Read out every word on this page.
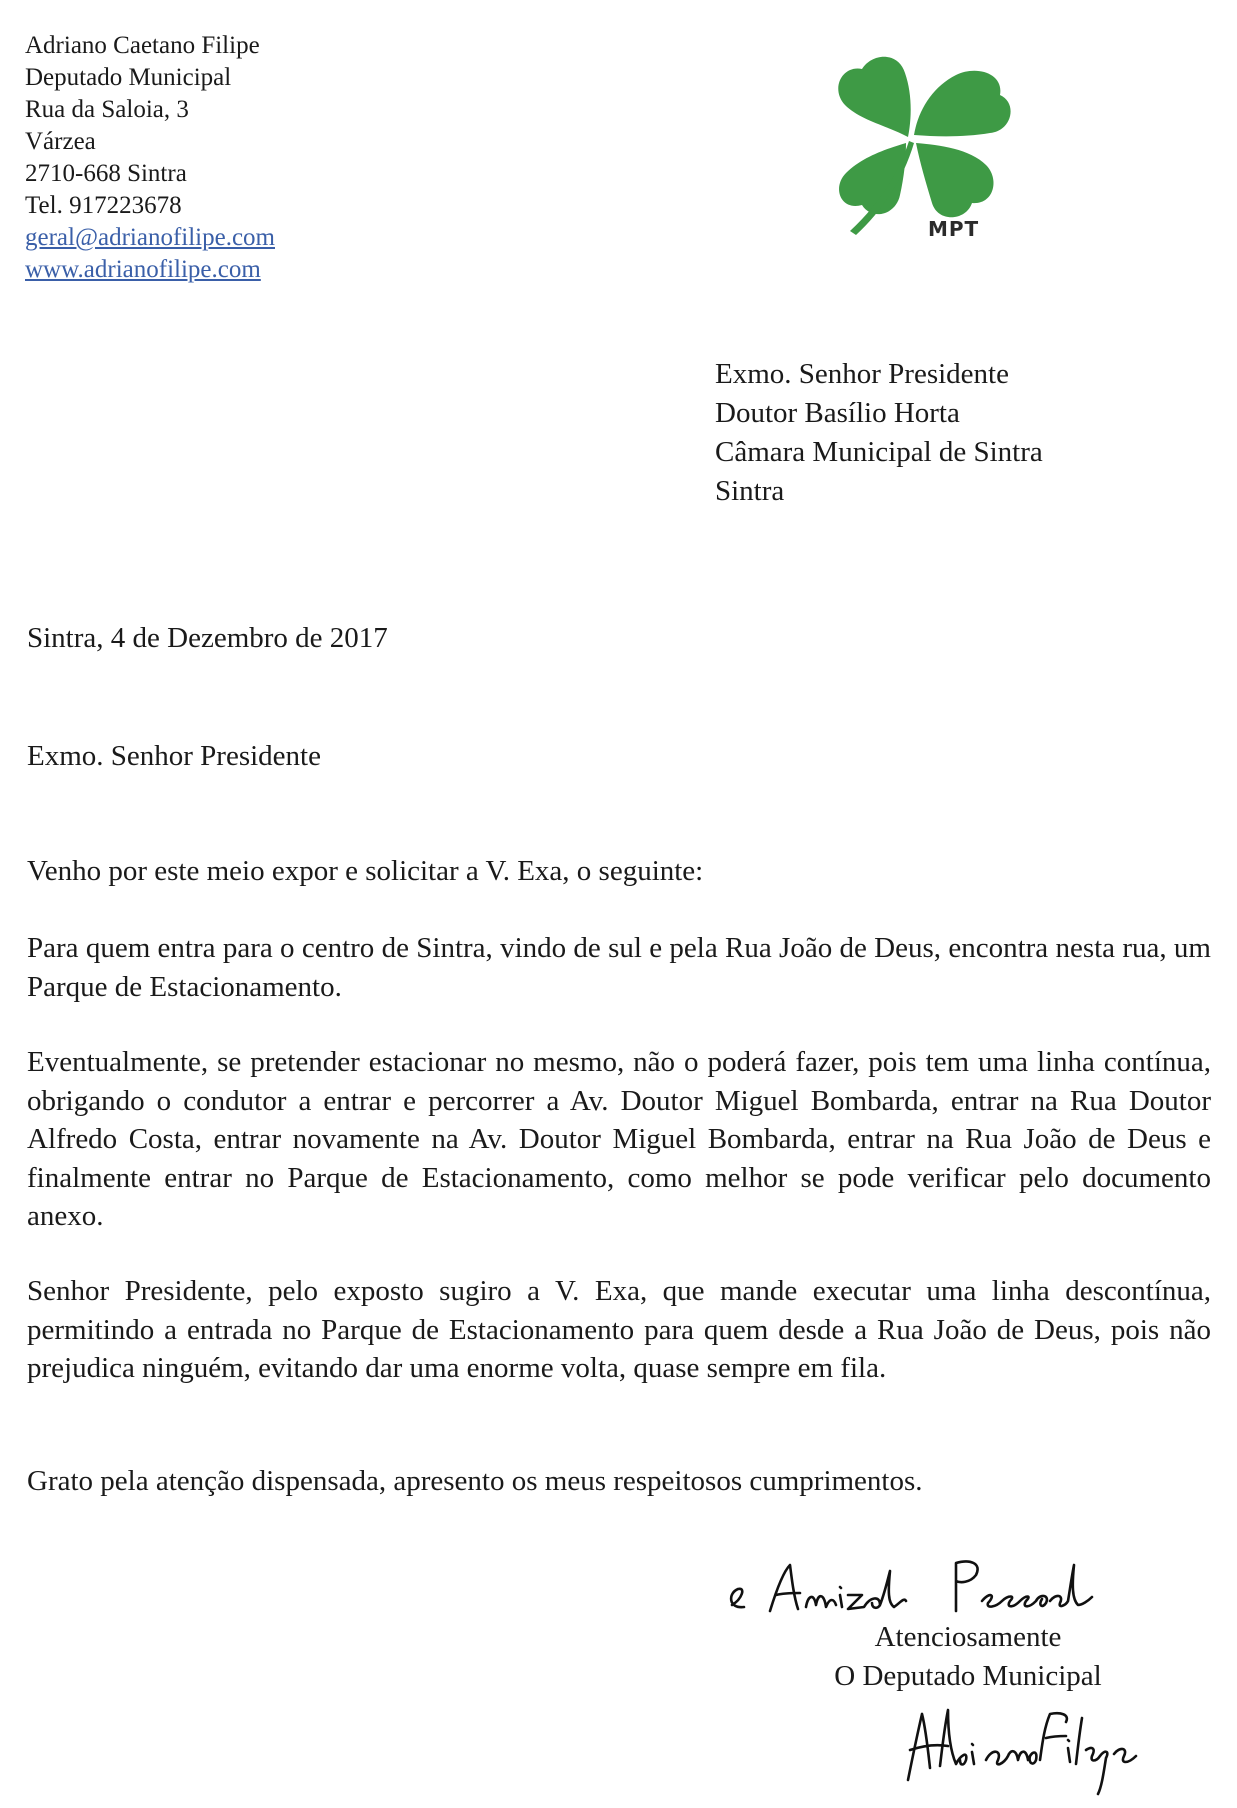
Adriano Caetano Filipe
Deputado Municipal
Rua da Saloia, 3
Várzea
2710-668 Sintra
Tel. 917223678
geral@adrianofilipe.com
www.adrianofilipe.com
MPT
Exmo. Senhor Presidente
Doutor Basílio Horta
Câmara Municipal de Sintra
Sintra
Sintra, 4 de Dezembro de 2017
Exmo. Senhor Presidente
Venho por este meio expor e solicitar a V. Exa, o seguinte:
Para quem entra para o centro de Sintra, vindo de sul e pela Rua João de Deus, encontra nesta rua, um Parque de Estacionamento.
Eventualmente, se pretender estacionar no mesmo, não o poderá fazer, pois tem uma linha contínua, obrigando o condutor a entrar e percorrer a Av. Doutor Miguel Bombarda, entrar na Rua Doutor Alfredo Costa, entrar novamente na Av. Doutor Miguel Bombarda, entrar na Rua João de Deus e finalmente entrar no Parque de Estacionamento, como melhor se pode verificar pelo documento anexo.
Senhor Presidente, pelo exposto sugiro a V. Exa, que mande executar uma linha descontínua, permitindo a entrada no Parque de Estacionamento para quem desde a Rua João de Deus, pois não prejudica ninguém, evitando dar uma enorme volta, quase sempre em fila.
Grato pela atenção dispensada, apresento os meus respeitosos cumprimentos.
Atenciosamente
O Deputado Municipal
